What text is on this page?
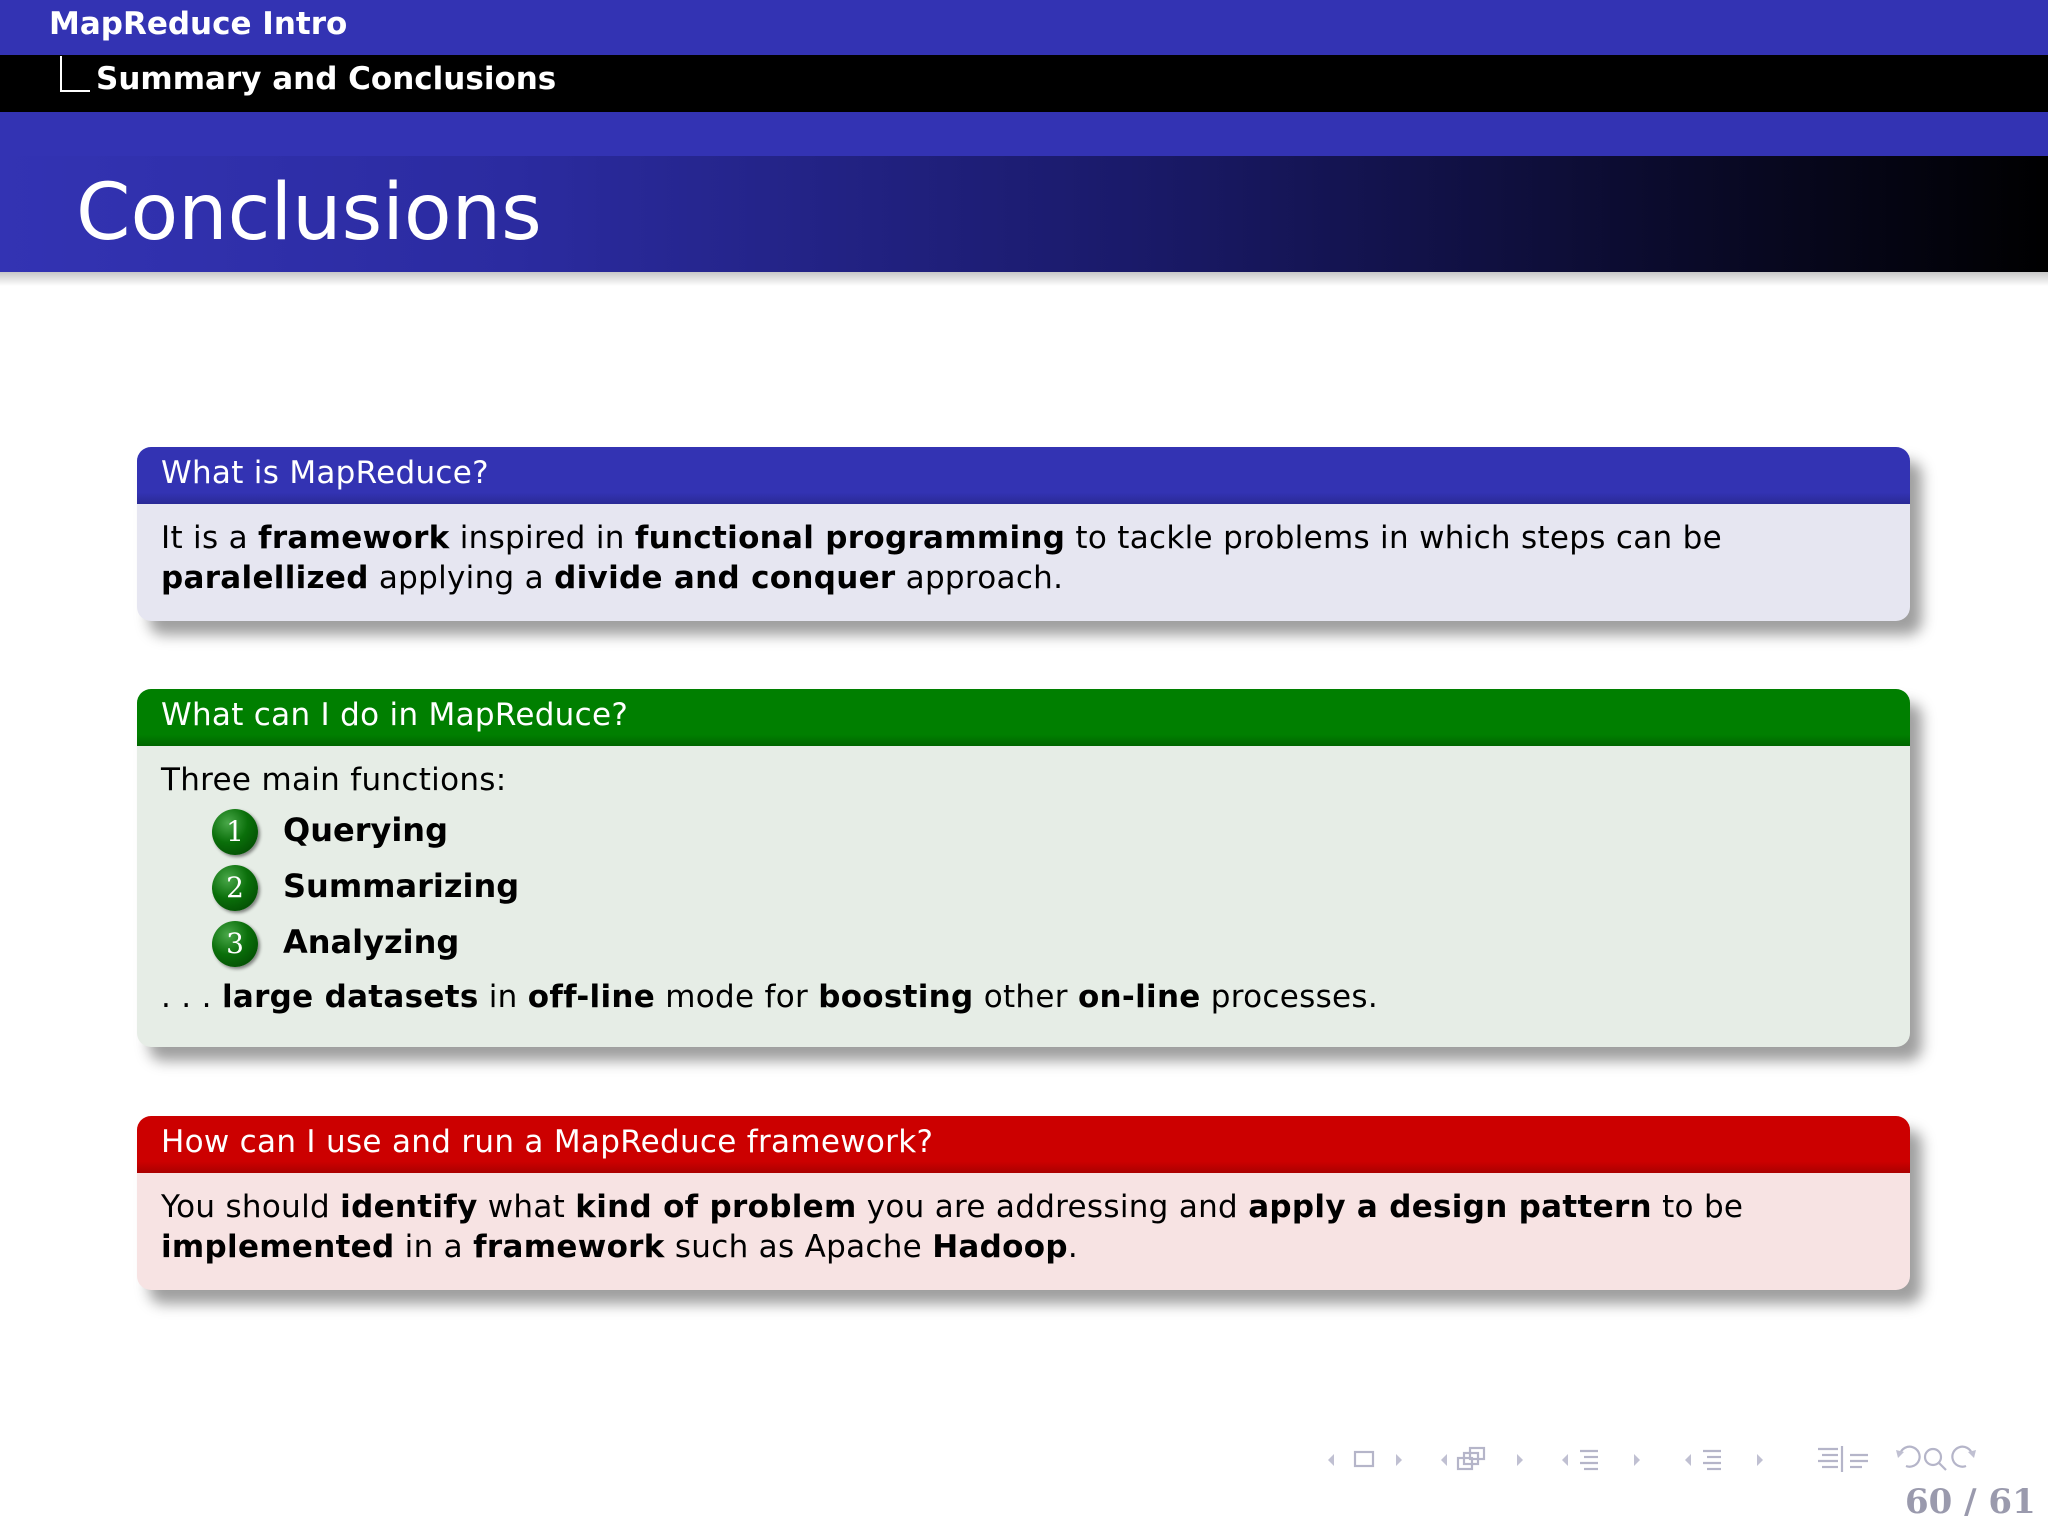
MapReduce Intro
Summary and Conclusions
Conclusions
What is MapReduce?
It is a framework inspired in functional programming to tackle problems in which steps can be paralellized applying a divide and conquer approach.
What can I do in MapReduce?
Three main functions:
1	Querying
2	Summarizing
3	Analyzing
. . . large datasets in off-line mode for boosting other on-line processes.
How can I use and run a MapReduce framework?
You should identify what kind of problem you are addressing and apply a design pattern to be implemented in a framework such as Apache Hadoop.
60 / 61
